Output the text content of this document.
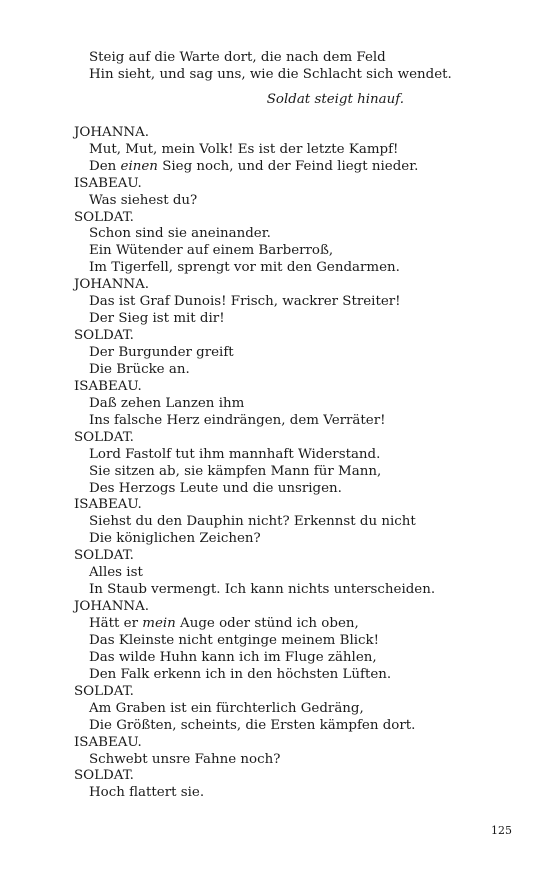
Steig auf die Warte dort, die nach dem Feld
Hin sieht, und sag uns, wie die Schlacht sich wendet.
Soldat steigt hinauf.
JOHANNA.
Mut, Mut, mein Volk! Es ist der letzte Kampf!
Den einen Sieg noch, und der Feind liegt nieder.
ISABEAU.
Was siehest du?
SOLDAT.
Schon sind sie aneinander.
Ein Wütender auf einem Barberroß,
Im Tigerfell, sprengt vor mit den Gendarmen.
JOHANNA.
Das ist Graf Dunois! Frisch, wackrer Streiter!
Der Sieg ist mit dir!
SOLDAT.
Der Burgunder greift
Die Brücke an.
ISABEAU.
Daß zehen Lanzen ihm
Ins falsche Herz eindrängen, dem Verräter!
SOLDAT.
Lord Fastolf tut ihm mannhaft Widerstand.
Sie sitzen ab, sie kämpfen Mann für Mann,
Des Herzogs Leute und die unsrigen.
ISABEAU.
Siehst du den Dauphin nicht? Erkennst du nicht
Die königlichen Zeichen?
SOLDAT.
Alles ist
In Staub vermengt. Ich kann nichts unterscheiden.
JOHANNA.
Hätt er mein Auge oder stünd ich oben,
Das Kleinste nicht entginge meinem Blick!
Das wilde Huhn kann ich im Fluge zählen,
Den Falk erkenn ich in den höchsten Lüften.
SOLDAT.
Am Graben ist ein fürchterlich Gedräng,
Die Größten, scheints, die Ersten kämpfen dort.
ISABEAU.
Schwebt unsre Fahne noch?
SOLDAT.
Hoch flattert sie.
125
